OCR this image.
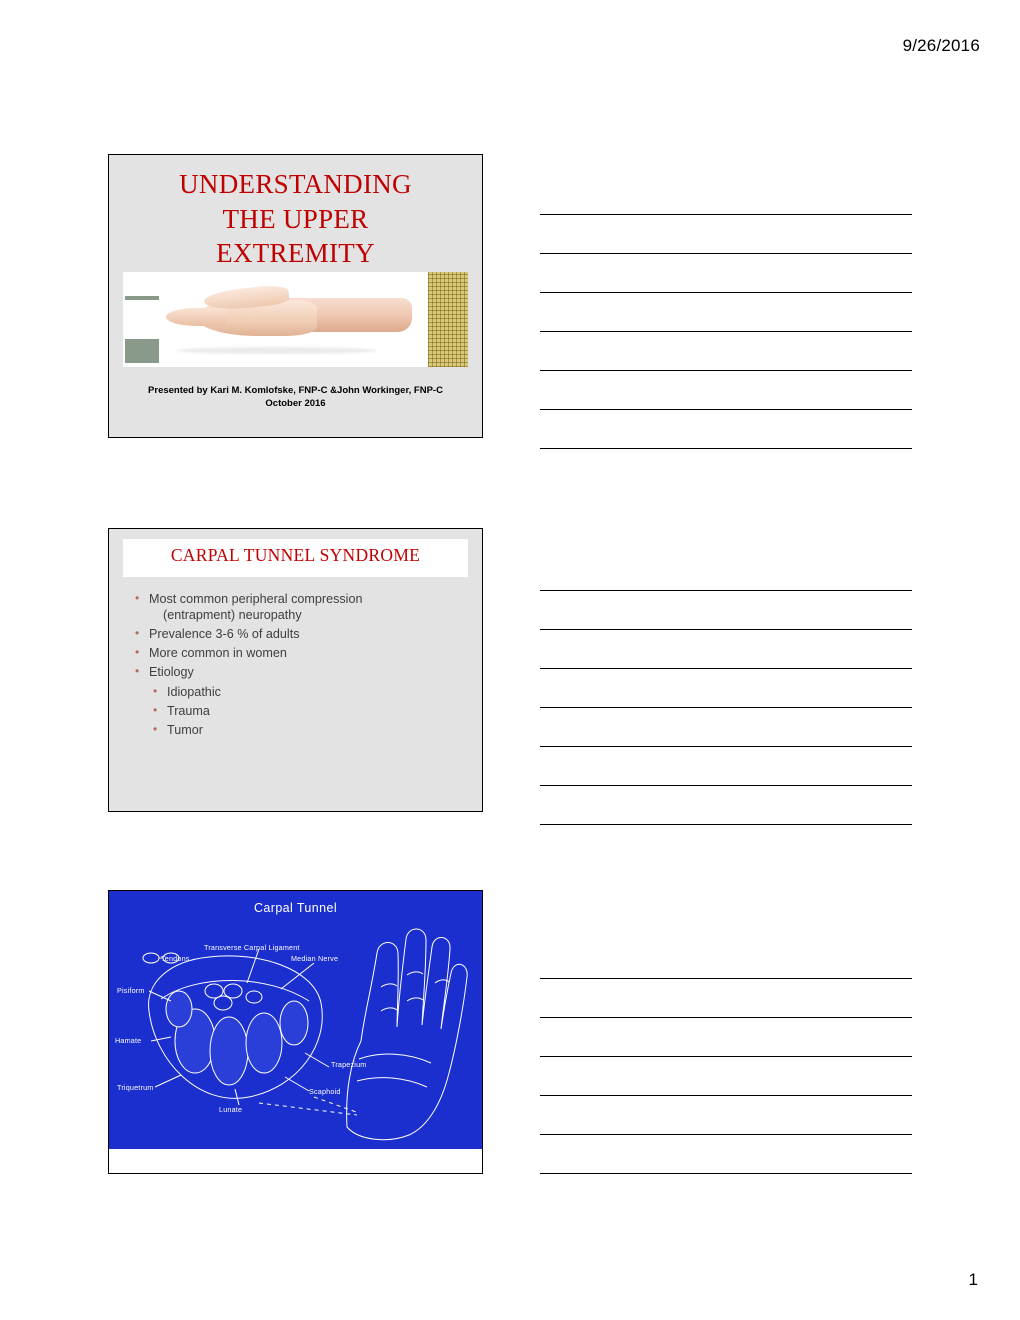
9/26/2016
UNDERSTANDING
THE UPPER
EXTREMITY
Presented by Kari M. Komlofske, FNP-C &John Workinger, FNP-C
October 2016
CARPAL TUNNEL SYNDROME
• Most common peripheral compression
(entrapment) neuropathy
• Prevalence 3-6 % of adults
• More common in women
• Etiology
• Idiopathic
• Trauma
• Tumor
Carpal Tunnel
Transverse Carpal Ligament
Tendons	Median Nerve
Pisiform
Hamate
Trapezium
Triquetrum	Scaphoid
Lunate
1
